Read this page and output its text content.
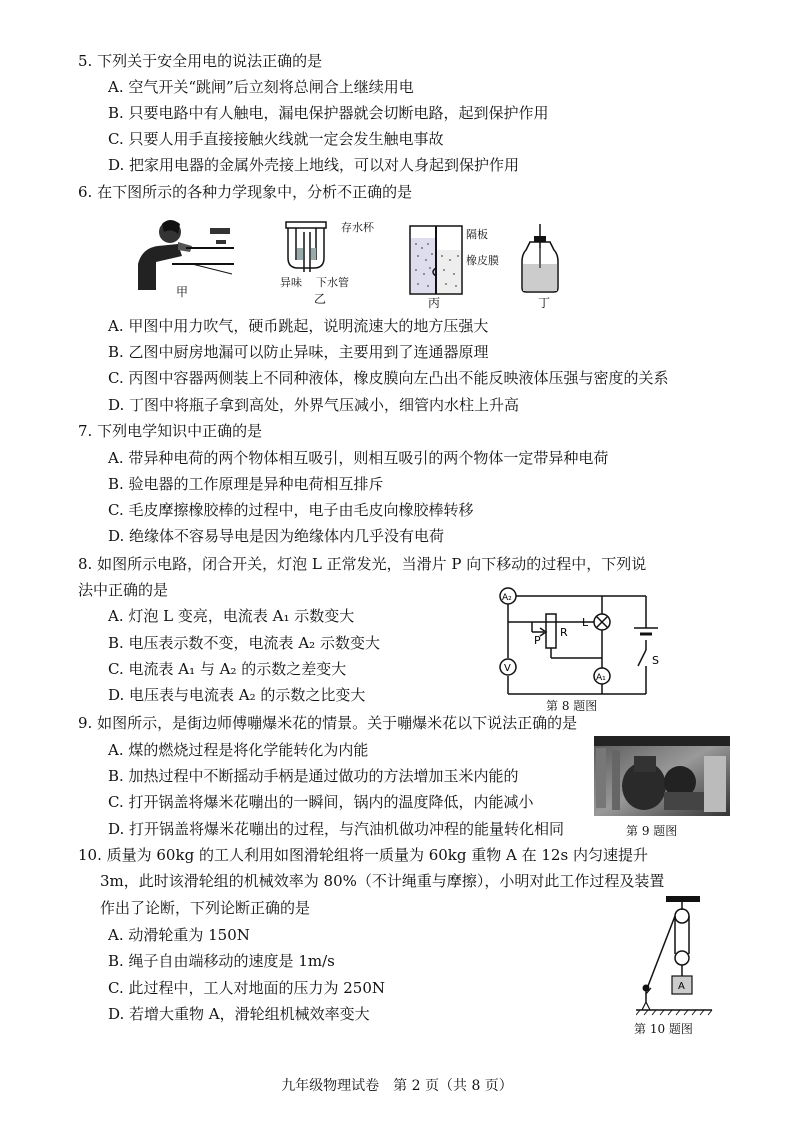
5. 下列关于安全用电的说法正确的是
A. 空气开关“跳闸”后立刻将总闸合上继续用电
B. 只要电路中有人触电，漏电保护器就会切断电路，起到保护作用
C. 只要人用手直接接触火线就一定会发生触电事故
D. 把家用电器的金属外壳接上地线，可以对人身起到保护作用
6. 在下图所示的各种力学现象中，分析不正确的是
甲
存水杯
异味 下水管
乙
隔板
橡皮膜
丙	丁
A. 甲图中用力吹气，硬币跳起，说明流速大的地方压强大
B. 乙图中厨房地漏可以防止异味，主要用到了连通器原理
C. 丙图中容器两侧装上不同种液体，橡皮膜向左凸出不能反映液体压强与密度的关系
D. 丁图中将瓶子拿到高处，外界气压减小，细管内水柱上升高
7. 下列电学知识中正确的是
A. 带异种电荷的两个物体相互吸引，则相互吸引的两个物体一定带异种电荷
B. 验电器的工作原理是异种电荷相互排斥
C. 毛皮摩擦橡胶棒的过程中，电子由毛皮向橡胶棒转移
D. 绝缘体不容易导电是因为绝缘体内几乎没有电荷
8. 如图所示电路，闭合开关，灯泡 L 正常发光，当滑片 P 向下移动的过程中，下列说
法中正确的是
A. 灯泡 L 变亮，电流表 A₁ 示数变大
B. 电压表示数不变，电流表 A₂ 示数变大
C. 电流表 A₁ 与 A₂ 的示数之差变大
D. 电压表与电流表 A₂ 的示数之比变大
A₂
V
A₁
L
P
R
S
第 8 题图
9. 如图所示，是街边师傅嘣爆米花的情景。关于嘣爆米花以下说法正确的是
A. 煤的燃烧过程是将化学能转化为内能
B. 加热过程中不断摇动手柄是通过做功的方法增加玉米内能的
C. 打开锅盖将爆米花嘣出的一瞬间，锅内的温度降低，内能减小
D. 打开锅盖将爆米花嘣出的过程，与汽油机做功冲程的能量转化相同	第 9 题图
10. 质量为 60kg 的工人利用如图滑轮组将一质量为 60kg 重物 A 在 12s 内匀速提升
3m，此时该滑轮组的机械效率为 80%（不计绳重与摩擦），小明对此工作过程及装置
作出了论断，下列论断正确的是
A. 动滑轮重为 150N
B. 绳子自由端移动的速度是 1m/s
C. 此过程中，工人对地面的压力为 250N
D. 若增大重物 A，滑轮组机械效率变大
A
第 10 题图
九年级物理试卷　第 2 页（共 8 页）
